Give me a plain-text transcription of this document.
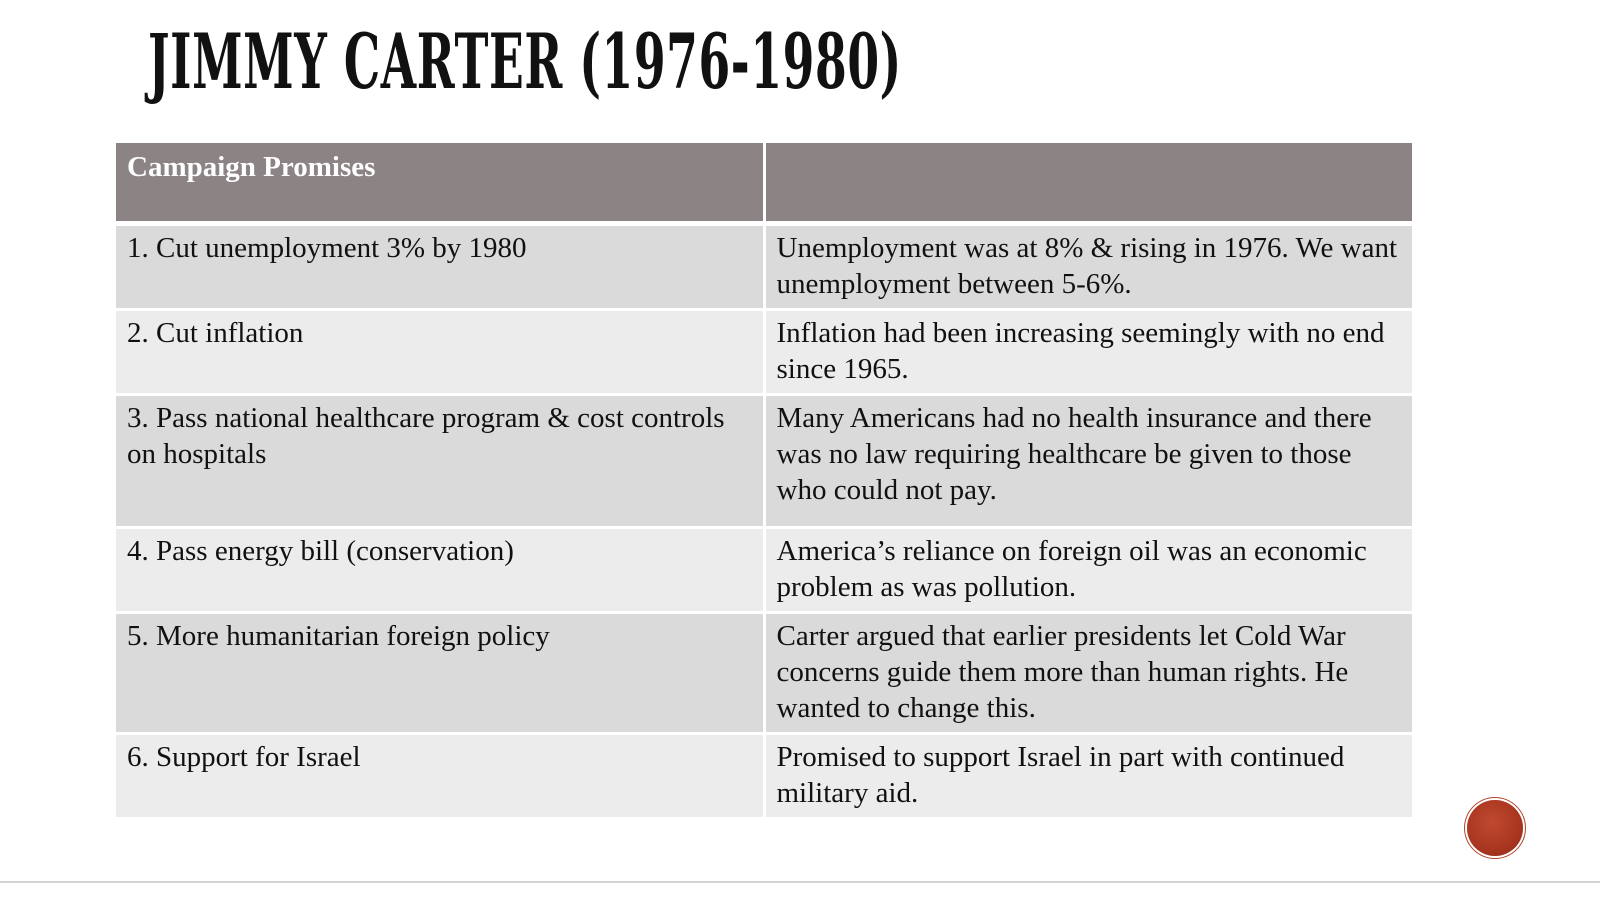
JIMMY CARTER (1976-1980)
Campaign Promises	
1. Cut unemployment 3% by 1980	Unemployment was at 8% & rising in 1976. We want unemployment between 5-6%.
2. Cut inflation	Inflation had been increasing seemingly with no end since 1965.
3. Pass national healthcare program & cost controls on hospitals	Many Americans had no health insurance and there was no law requiring healthcare be given to those who could not pay.
4. Pass energy bill (conservation)	America’s reliance on foreign oil was an economic problem as was pollution.
5. More humanitarian foreign policy	Carter argued that earlier presidents let Cold War concerns guide them more than human rights. He wanted to change this.
6. Support for Israel	Promised to support Israel in part with continued military aid.
